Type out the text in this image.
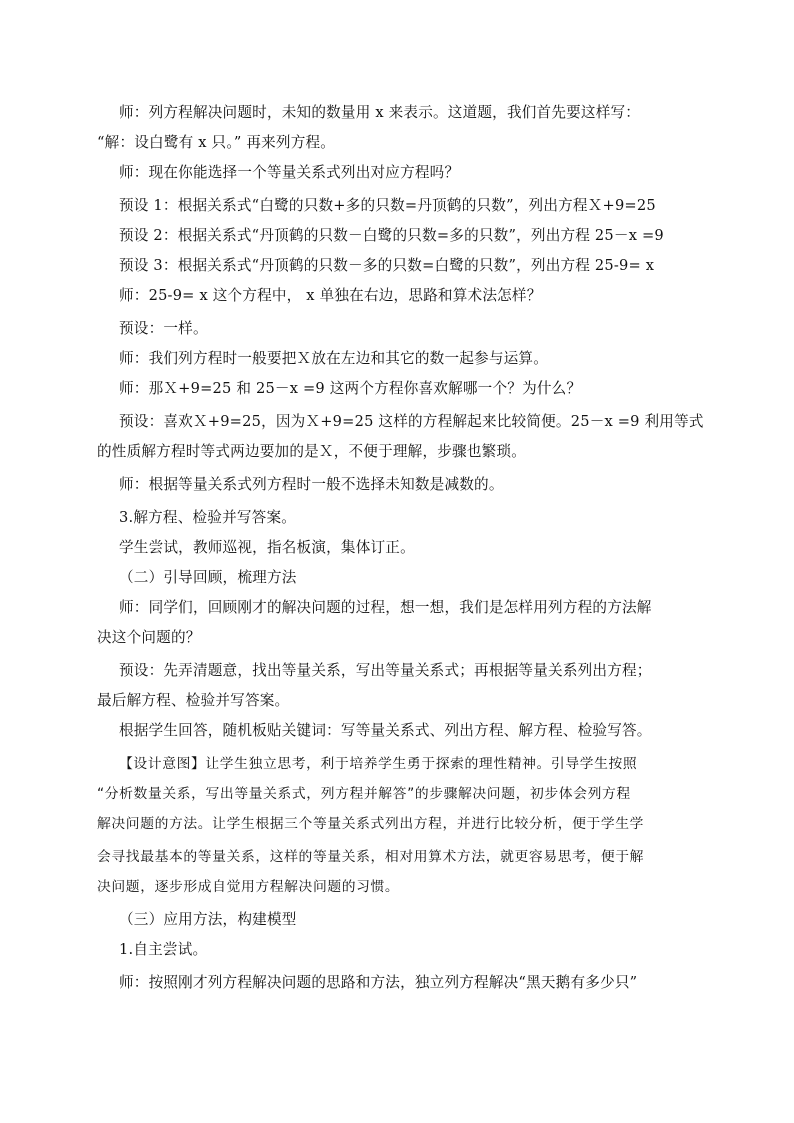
师：列方程解决问题时，未知的数量用 x 来表示。这道题，我们首先要这样写：
“解：设白鹭有 x 只。” 再来列方程。
师：现在你能选择一个等量关系式列出对应方程吗？
预设 1：根据关系式“白鹭的只数+多的只数=丹顶鹤的只数”，列出方程Ｘ+9=25
预设 2：根据关系式“丹顶鹤的只数－白鹭的只数=多的只数”，列出方程 25－x =9
预设 3：根据关系式“丹顶鹤的只数－多的只数=白鹭的只数”，列出方程 25-9= x
师：25-9= x 这个方程中， x 单独在右边，思路和算术法怎样？
预设：一样。
师：我们列方程时一般要把Ｘ放在左边和其它的数一起参与运算。
师：那Ｘ+9=25 和 25－x =9 这两个方程你喜欢解哪一个？为什么？
预设：喜欢Ｘ+9=25，因为Ｘ+9=25 这样的方程解起来比较简便。25－x =9 利用等式
的性质解方程时等式两边要加的是Ｘ，不便于理解，步骤也繁琐。
师：根据等量关系式列方程时一般不选择未知数是减数的。
3.解方程、检验并写答案。
学生尝试，教师巡视，指名板演，集体订正。
（二）引导回顾，梳理方法
师：同学们，回顾刚才的解决问题的过程，想一想，我们是怎样用列方程的方法解
决这个问题的？
预设：先弄清题意，找出等量关系，写出等量关系式；再根据等量关系列出方程；
最后解方程、检验并写答案。
根据学生回答，随机板贴关键词：写等量关系式、列出方程、解方程、检验写答。
【设计意图】让学生独立思考，利于培养学生勇于探索的理性精神。引导学生按照
“分析数量关系，写出等量关系式，列方程并解答”的步骤解决问题，初步体会列方程
解决问题的方法。让学生根据三个等量关系式列出方程，并进行比较分析，便于学生学
会寻找最基本的等量关系，这样的等量关系，相对用算术方法，就更容易思考，便于解
决问题，逐步形成自觉用方程解决问题的习惯。
（三）应用方法，构建模型
1.自主尝试。
师：按照刚才列方程解决问题的思路和方法，独立列方程解决“黑天鹅有多少只”
